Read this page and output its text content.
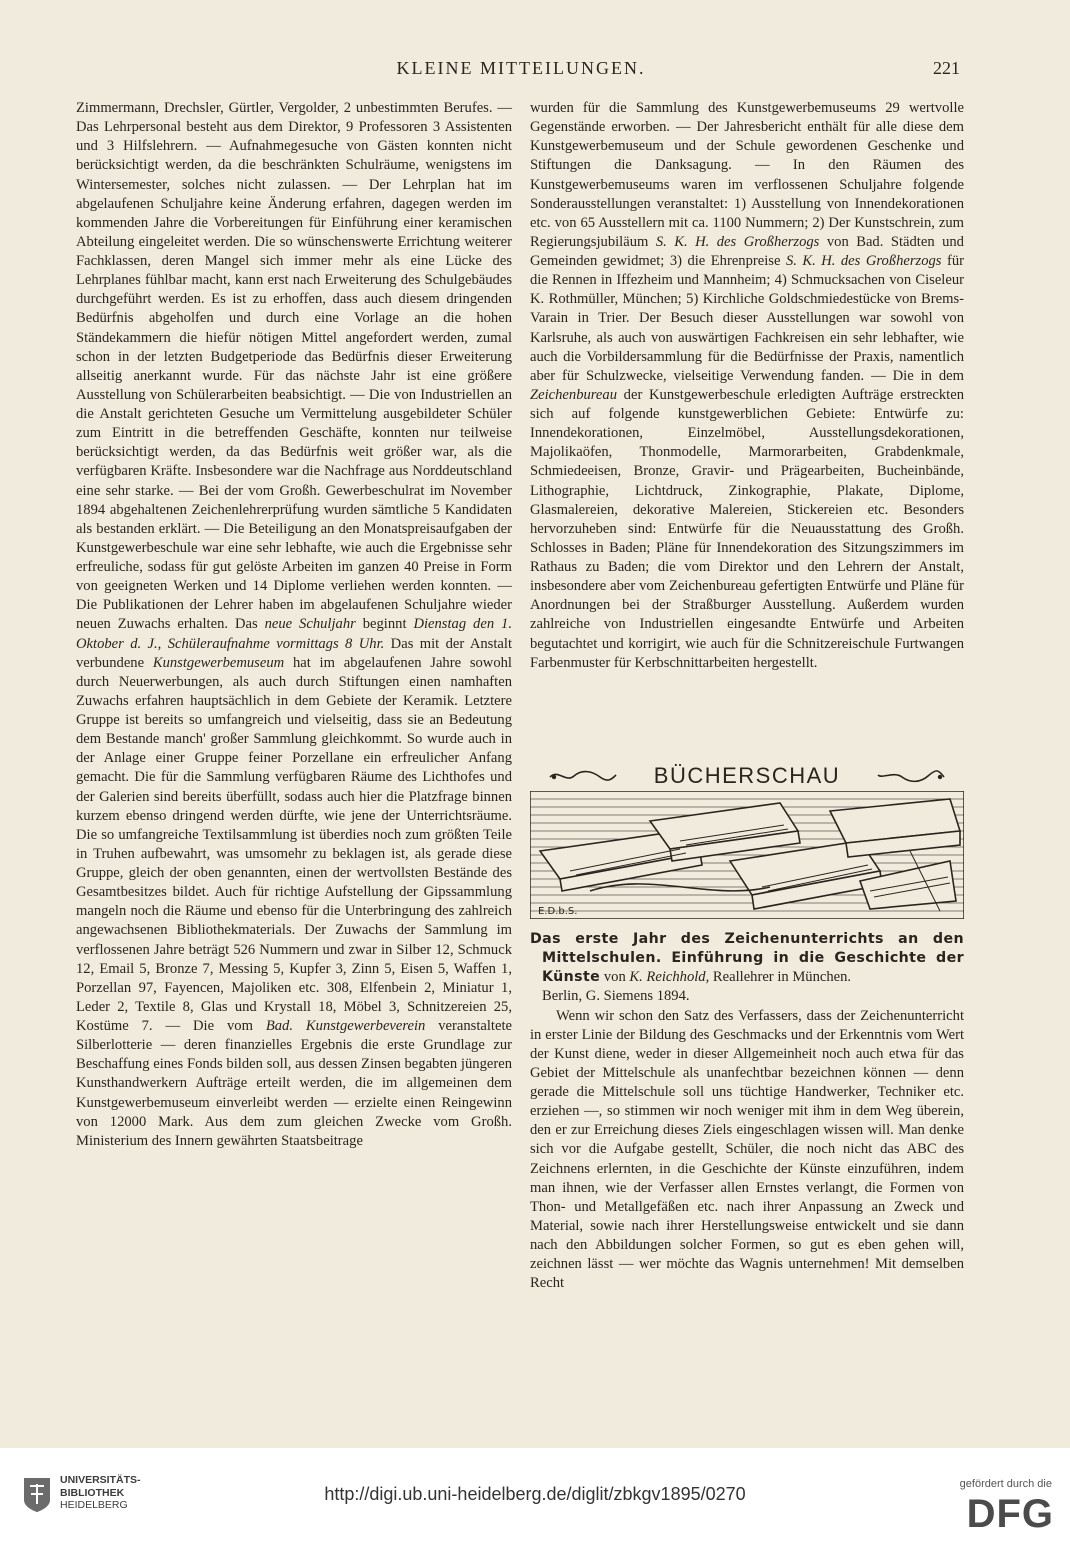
KLEINE MITTEILUNGEN.	221

Zimmermann, Drechsler, Gürtler, Vergolder, 2 unbestimmten Berufes. — Das Lehrpersonal besteht aus dem Direktor, 9 Professoren 3 Assistenten und 3 Hilfslehrern. — Aufnahmegesuche von Gästen konnten nicht berücksichtigt werden, da die beschränkten Schulräume, wenigstens im Wintersemester, solches nicht zulassen. — Der Lehrplan hat im abgelaufenen Schuljahre keine Änderung erfahren, dagegen werden im kommenden Jahre die Vorbereitungen für Einführung einer keramischen Abteilung eingeleitet werden. Die so wünschenswerte Errichtung weiterer Fachklassen, deren Mangel sich immer mehr als eine Lücke des Lehrplanes fühlbar macht, kann erst nach Erweiterung des Schulgebäudes durchgeführt werden. Es ist zu erhoffen, dass auch diesem dringenden Bedürfnis abgeholfen und durch eine Vorlage an die hohen Ständekammern die hiefür nötigen Mittel angefordert werden, zumal schon in der letzten Budgetperiode das Bedürfnis dieser Erweiterung allseitig anerkannt wurde. Für das nächste Jahr ist eine größere Ausstellung von Schülerarbeiten beabsichtigt. — Die von Industriellen an die Anstalt gerichteten Gesuche um Vermittelung ausgebildeter Schüler zum Eintritt in die betreffenden Geschäfte, konnten nur teilweise berücksichtigt werden, da das Bedürfnis weit größer war, als die verfügbaren Kräfte. Insbesondere war die Nachfrage aus Norddeutschland eine sehr starke. — Bei der vom Großh. Gewerbeschulrat im November 1894 abgehaltenen Zeichenlehrerprüfung wurden sämtliche 5 Kandidaten als bestanden erklärt. — Die Beteiligung an den Monatspreisaufgaben der Kunstgewerbeschule war eine sehr lebhafte, wie auch die Ergebnisse sehr erfreuliche, sodass für gut gelöste Arbeiten im ganzen 40 Preise in Form von geeigneten Werken und 14 Diplome verliehen werden konnten. — Die Publikationen der Lehrer haben im abgelaufenen Schuljahre wieder neuen Zuwachs erhalten. Das neue Schuljahr beginnt Dienstag den 1. Oktober d. J., Schüleraufnahme vormittags 8 Uhr. Das mit der Anstalt verbundene Kunstgewerbemuseum hat im abgelaufenen Jahre sowohl durch Neuerwerbungen, als auch durch Stiftungen einen namhaften Zuwachs erfahren hauptsächlich in dem Gebiete der Keramik. Letztere Gruppe ist bereits so umfangreich und vielseitig, dass sie an Bedeutung dem Bestande manch' großer Sammlung gleichkommt. So wurde auch in der Anlage einer Gruppe feiner Porzellane ein erfreulicher Anfang gemacht. Die für die Sammlung verfügbaren Räume des Lichthofes und der Galerien sind bereits überfüllt, sodass auch hier die Platzfrage binnen kurzem ebenso dringend werden dürfte, wie jene der Unterrichtsräume. Die so umfangreiche Textilsammlung ist überdies noch zum größten Teile in Truhen aufbewahrt, was umsomehr zu beklagen ist, als gerade diese Gruppe, gleich der oben genannten, einen der wertvollsten Bestände des Gesamtbesitzes bildet. Auch für richtige Aufstellung der Gipssammlung mangeln noch die Räume und ebenso für die Unterbringung des zahlreich angewachsenen Bibliothekmaterials. Der Zuwachs der Sammlung im verflossenen Jahre beträgt 526 Nummern und zwar in Silber 12, Schmuck 12, Email 5, Bronze 7, Messing 5, Kupfer 3, Zinn 5, Eisen 5, Waffen 1, Porzellan 97, Fayencen, Majoliken etc. 308, Elfenbein 2, Miniatur 1, Leder 2, Textile 8, Glas und Krystall 18, Möbel 3, Schnitzereien 25, Kostüme 7. — Die vom Bad. Kunstgewerbeverein veranstaltete Silberlotterie — deren finanzielles Ergebnis die erste Grundlage zur Beschaffung eines Fonds bilden soll, aus dessen Zinsen begabten jüngeren Kunsthandwerkern Aufträge erteilt werden, die im allgemeinen dem Kunstgewerbemuseum einverleibt werden — erzielte einen Reingewinn von 12000 Mark. Aus dem zum gleichen Zwecke vom Großh. Ministerium des Innern gewährten Staatsbeitrage

wurden für die Sammlung des Kunstgewerbemuseums 29 wertvolle Gegenstände erworben. — Der Jahresbericht enthält für alle diese dem Kunstgewerbemuseum und der Schule gewordenen Geschenke und Stiftungen die Danksagung. — In den Räumen des Kunstgewerbemuseums waren im verflossenen Schuljahre folgende Sonderausstellungen veranstaltet: 1) Ausstellung von Innendekorationen etc. von 65 Ausstellern mit ca. 1100 Nummern; 2) Der Kunstschrein, zum Regierungsjubiläum S. K. H. des Großherzogs von Bad. Städten und Gemeinden gewidmet; 3) die Ehrenpreise S. K. H. des Großherzogs für die Rennen in Iffezheim und Mannheim; 4) Schmucksachen von Ciseleur K. Rothmüller, München; 5) Kirchliche Goldschmiedestücke von Brems-Varain in Trier. Der Besuch dieser Ausstellungen war sowohl von Karlsruhe, als auch von auswärtigen Fachkreisen ein sehr lebhafter, wie auch die Vorbildersammlung für die Bedürfnisse der Praxis, namentlich aber für Schulzwecke, vielseitige Verwendung fanden. — Die in dem Zeichenbureau der Kunstgewerbeschule erledigten Aufträge erstreckten sich auf folgende kunstgewerblichen Gebiete: Entwürfe zu: Innendekorationen, Einzelmöbel, Ausstellungsdekorationen, Majolikaöfen, Thonmodelle, Marmorarbeiten, Grabdenkmale, Schmiedeeisen, Bronze, Gravir- und Prägearbeiten, Bucheinbände, Lithographie, Lichtdruck, Zinkographie, Plakate, Diplome, Glasmalereien, dekorative Malereien, Stickereien etc. Besonders hervorzuheben sind: Entwürfe für die Neuausstattung des Großh. Schlosses in Baden; Pläne für Innendekoration des Sitzungszimmers im Rathaus zu Baden; die vom Direktor und den Lehrern der Anstalt, insbesondere aber vom Zeichenbureau gefertigten Entwürfe und Pläne für Anordnungen bei der Straßburger Ausstellung. Außerdem wurden zahlreiche von Industriellen eingesandte Entwürfe und Arbeiten begutachtet und korrigirt, wie auch für die Schnitzereischule Furtwangen Farbenmuster für Kerbschnittarbeiten hergestellt.

BÜCHERSCHAU
E.D.b.S.

Das erste Jahr des Zeichenunterrichts an den Mittelschulen. Einführung in die Geschichte der Künste von K. Reichhold, Reallehrer in München.

Berlin, G. Siemens 1894.

Wenn wir schon den Satz des Verfassers, dass der Zeichenunterricht in erster Linie der Bildung des Geschmacks und der Erkenntnis vom Wert der Kunst diene, weder in dieser Allgemeinheit noch auch etwa für das Gebiet der Mittelschule als unanfechtbar bezeichnen können — denn gerade die Mittelschule soll uns tüchtige Handwerker, Techniker etc. erziehen —, so stimmen wir noch weniger mit ihm in dem Weg überein, den er zur Erreichung dieses Ziels eingeschlagen wissen will. Man denke sich vor die Aufgabe gestellt, Schüler, die noch nicht das ABC des Zeichnens erlernten, in die Geschichte der Künste einzuführen, indem man ihnen, wie der Verfasser allen Ernstes verlangt, die Formen von Thon- und Metallgefäßen etc. nach ihrer Anpassung an Zweck und Material, sowie nach ihrer Herstellungsweise entwickelt und sie dann nach den Abbildungen solcher Formen, so gut es eben gehen will, zeichnen lässt — wer möchte das Wagnis unternehmen! Mit demselben Recht

UNIVERSITÄTS-
BIBLIOTHEK
HEIDELBERG
http://digi.ub.uni-heidelberg.de/diglit/zbkgv1895/0270	gefördert durch die
DFG
